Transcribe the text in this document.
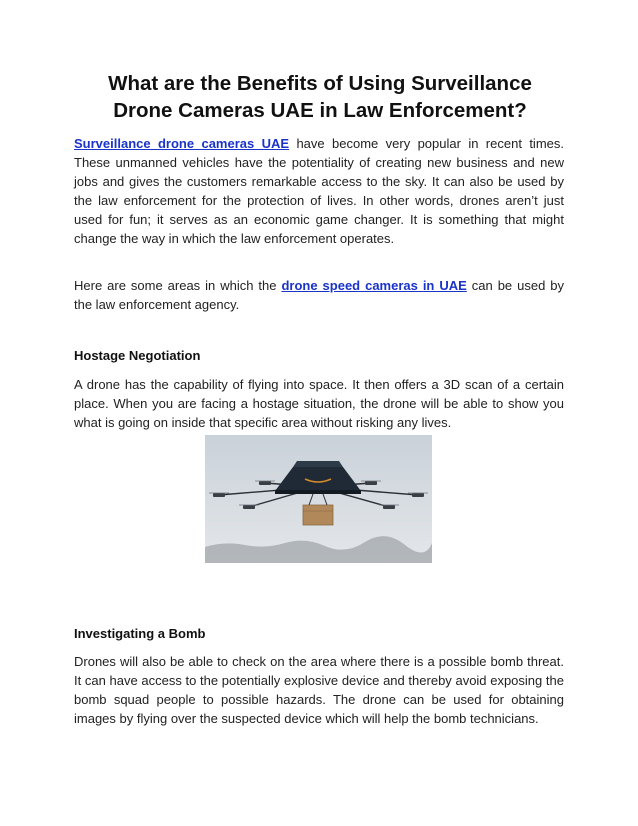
What are the Benefits of Using Surveillance Drone Cameras UAE in Law Enforcement?

Surveillance drone cameras UAE have become very popular in recent times. These unmanned vehicles have the potentiality of creating new business and new jobs and gives the customers remarkable access to the sky. It can also be used by the law enforcement for the protection of lives. In other words, drones aren’t just used for fun; it serves as an economic game changer. It is something that might change the way in which the law enforcement operates.

Here are some areas in which the drone speed cameras in UAE can be used by the law enforcement agency.

Hostage Negotiation

A drone has the capability of flying into space. It then offers a 3D scan of a certain place. When you are facing a hostage situation, the drone will be able to show you what is going on inside that specific area without risking any lives.

Investigating a Bomb

Drones will also be able to check on the area where there is a possible bomb threat. It can have access to the potentially explosive device and thereby avoid exposing the bomb squad people to possible hazards. The drone can be used for obtaining images by flying over the suspected device which will help the bomb technicians.
